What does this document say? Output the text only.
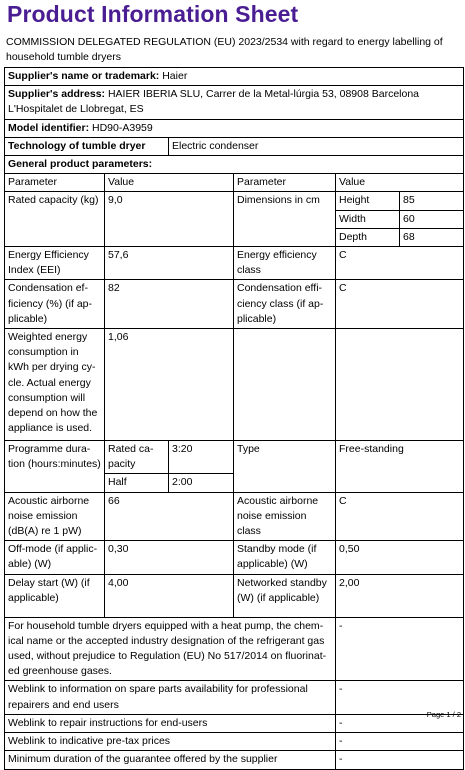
Product Information Sheet
COMMISSION DELEGATED REGULATION (EU) 2023/2534 with regard to energy labelling of household tumble dryers
Supplier's name or trademark: Haier					
Supplier's address: HAIER IBERIA SLU, Carrer de la Metal-lúrgia 53, 08908 Barcelona L'Hospitalet de Llobregat, ES					
Model identifier: HD90-A3959					
Technology of tumble dryer		Electric condenser			
General product parameters:					
Parameter	Value		Parameter	Value	
Rated capacity (kg)	9,0		Dimensions in cm	Height	85
				Width	60
				Depth	68
Energy Efficiency Index (EEI)	57,6		Energy efficiency class	C	
Condensation efficiency (%) (if applicable)	82		Condensation efficiency class (if applicable)	C	
Weighted energy consumption in kWh per drying cycle. Actual energy consumption will depend on how the appliance is used.	1,06				
Programme duration (hours:minutes)	Rated capacity	3:20	Type	Free-standing	
	Half	2:00			
Acoustic airborne noise emission (dB(A) re 1 pW)	66		Acoustic airborne noise emission class	C	
Off-mode (if applicable) (W)	0,30		Standby mode (if applicable) (W)	0,50	
Delay start (W) (if applicable)	4,00		Networked standby (W) (if applicable)	2,00	
For household tumble dryers equipped with a heat pump, the chemical name or the accepted industry designation of the refrigerant gas used, without prejudice to Regulation (EU) No 517/2014 on fluorinated greenhouse gases.				-	
Weblink to information on spare parts availability for professional repairers and end users				-	
Weblink to repair instructions for end-users				-	
Weblink to indicative pre-tax prices				-	
Minimum duration of the guarantee offered by the supplier				-	
Page 1 / 2
